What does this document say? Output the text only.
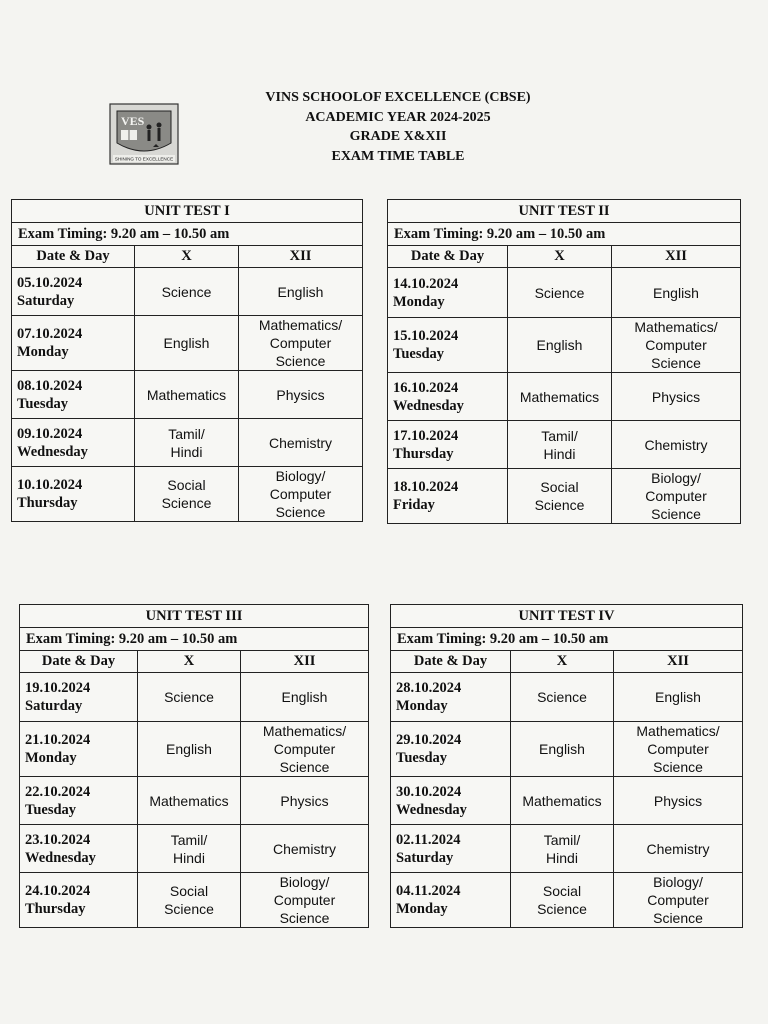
VINS SCHOOLOF EXCELLENCE (CBSE)
ACADEMIC YEAR 2024-2025
GRADE X&XII
EXAM TIME TABLE
VES
SHINING TO EXCELLENCE
UNIT TEST I		
Exam Timing: 9.20 am – 10.50 am		
Date & Day	X	XII

05.10.2024
Saturday	Science	English

07.10.2024
Monday	English	Mathematics/
Computer
Science

08.10.2024
Tuesday	Mathematics	Physics

09.10.2024
Wednesday	Tamil/
Hindi	Chemistry

10.10.2024
Thursday	Social
Science	Biology/
Computer
Science
UNIT TEST II		
Exam Timing: 9.20 am – 10.50 am		
Date & Day	X	XII

14.10.2024
Monday	Science	English

15.10.2024
Tuesday	English	Mathematics/
Computer
Science

16.10.2024
Wednesday	Mathematics	Physics

17.10.2024
Thursday	Tamil/
Hindi	Chemistry

18.10.2024
Friday	Social
Science	Biology/
Computer
Science
UNIT TEST III		
Exam Timing: 9.20 am – 10.50 am		
Date & Day	X	XII

19.10.2024
Saturday	Science	English

21.10.2024
Monday	English	Mathematics/
Computer
Science

22.10.2024
Tuesday	Mathematics	Physics

23.10.2024
Wednesday	Tamil/
Hindi	Chemistry

24.10.2024
Thursday	Social
Science	Biology/
Computer
Science
UNIT TEST IV		
Exam Timing: 9.20 am – 10.50 am		
Date & Day	X	XII

28.10.2024
Monday	Science	English

29.10.2024
Tuesday	English	Mathematics/
Computer
Science

30.10.2024
Wednesday	Mathematics	Physics

02.11.2024
Saturday	Tamil/
Hindi	Chemistry

04.11.2024
Monday	Social
Science	Biology/
Computer
Science
